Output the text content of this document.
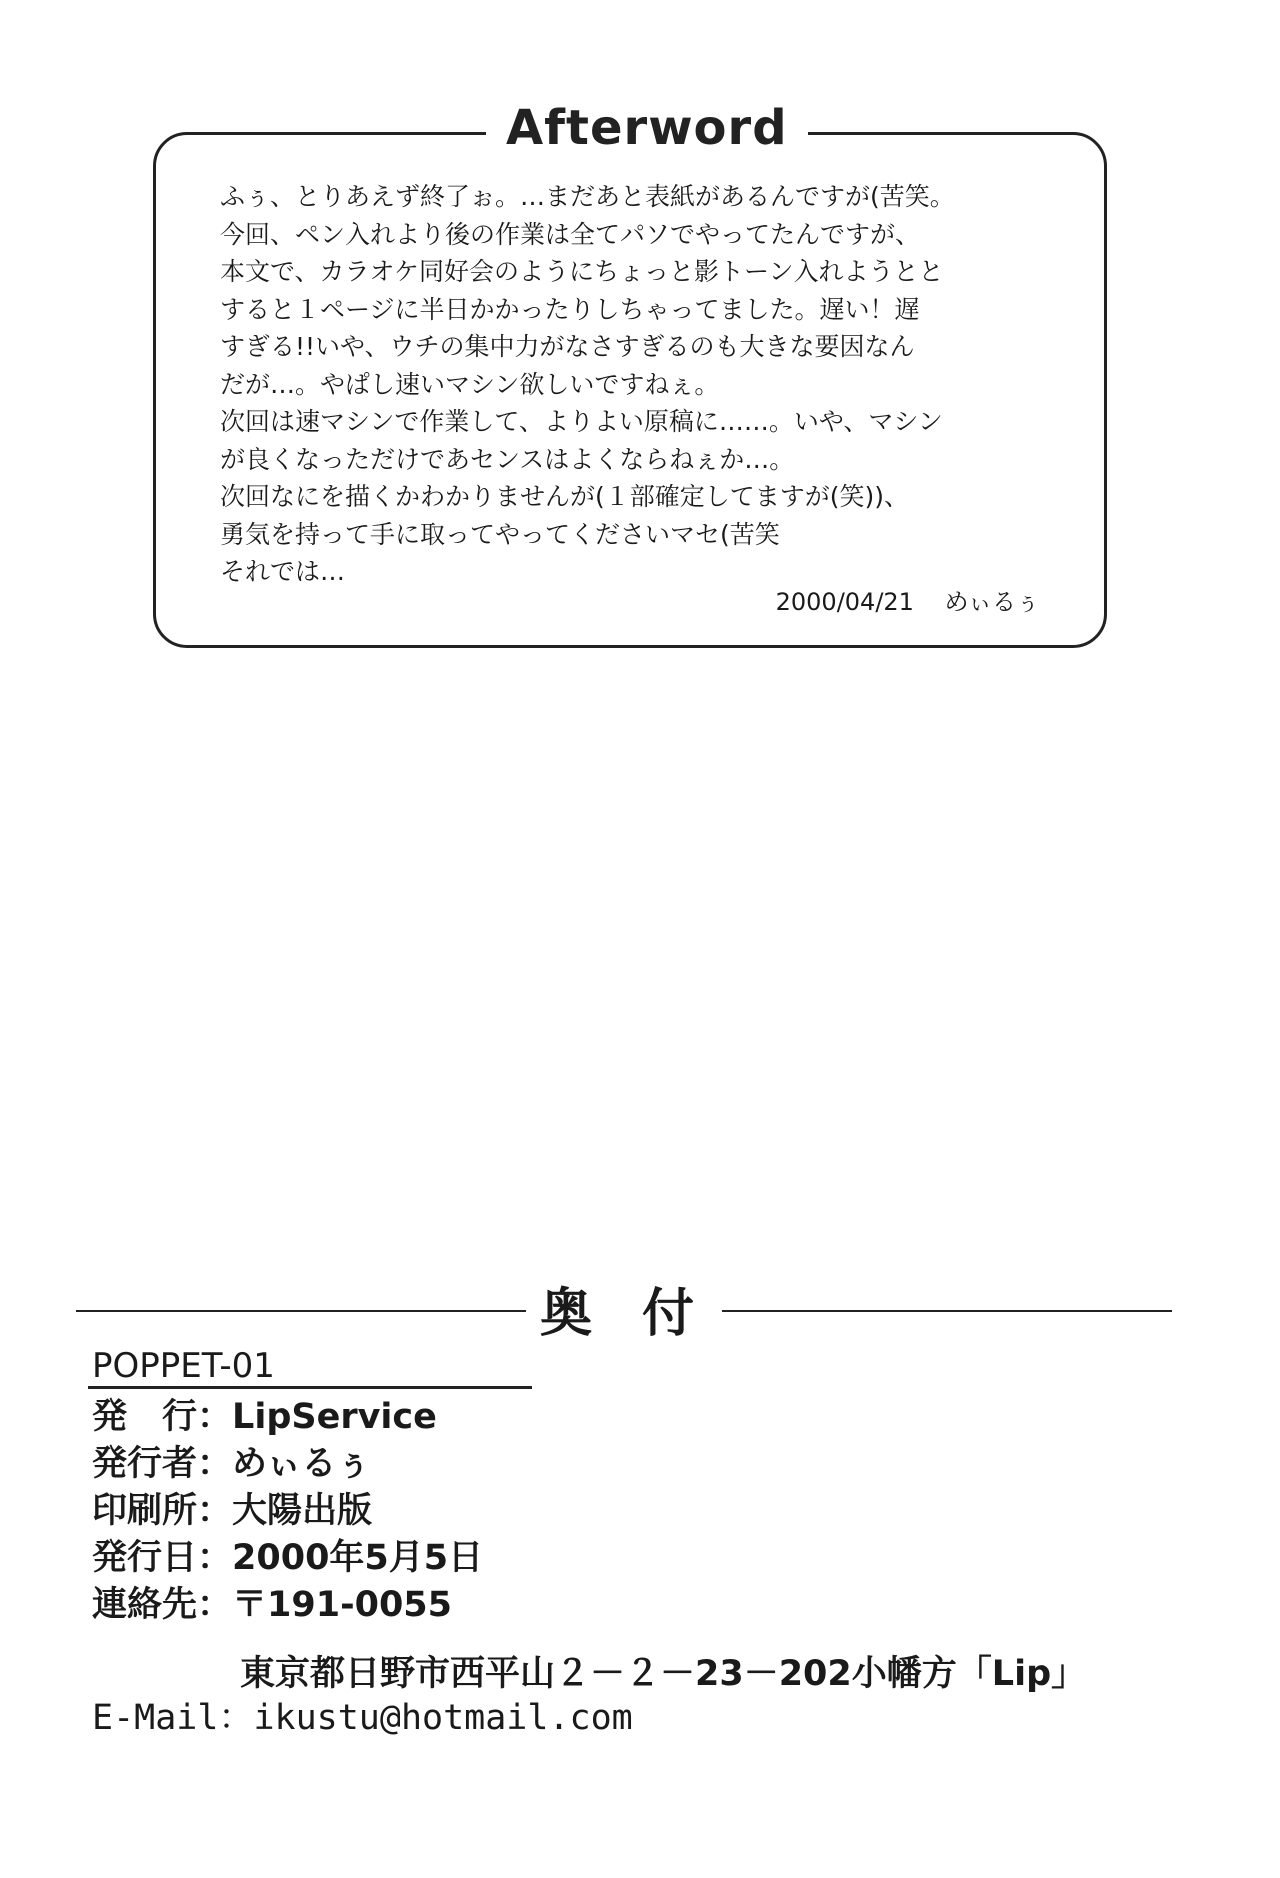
Afterword
ふぅ、とりあえず終了ぉ。…まだあと表紙があるんですが(苦笑。
今回、ペン入れより後の作業は全てパソでやってたんですが、
本文で、カラオケ同好会のようにちょっと影トーン入れようとと
すると１ページに半日かかったりしちゃってました。遅い！遅
すぎる!!いや、ウチの集中力がなさすぎるのも大きな要因なん
だが…。やぱし速いマシン欲しいですねぇ。
次回は速マシンで作業して、よりよい原稿に……。いや、マシン
が良くなっただけであセンスはよくならねぇか…。
次回なにを描くかわかりませんが(１部確定してますが(笑))、
勇気を持って手に取ってやってくださいマセ(苦笑
それでは…
2000/04/21 めぃるぅ
奥付
POPPET-01
発　行：LipService
発行者：めぃるぅ
印刷所：大陽出版
発行日：2000年5月5日
連絡先：〒191-0055
東京都日野市西平山２－２－23－202小幡方「Lip」
E-Mail：ikustu@hotmail.com
